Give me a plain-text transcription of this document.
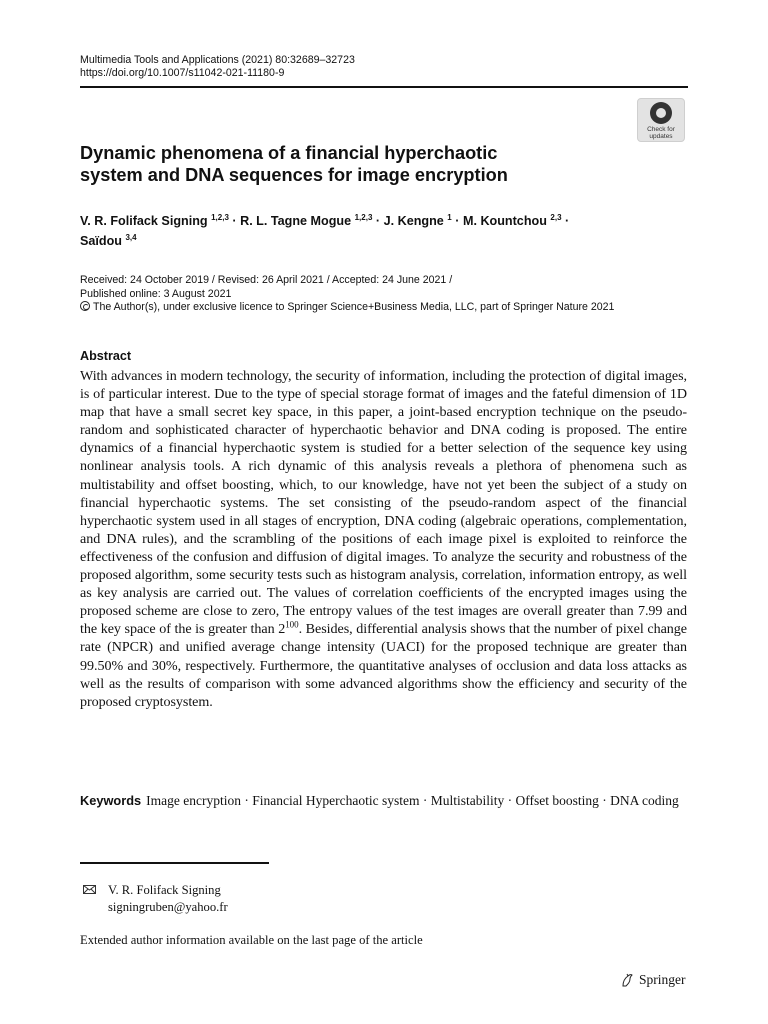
Multimedia Tools and Applications (2021) 80:32689–32723
https://doi.org/10.1007/s11042-021-11180-9
Check for
updates
Dynamic phenomena of a financial hyperchaotic
system and DNA sequences for image encryption
V. R. Folifack Signing $^{1,2,3}$ · R. L. Tagne Mogue $^{1,2,3}$ · J. Kengne $^1$ · M. Kountchou $^{2,3}$ ·
Saïdou $^{3,4}$
Received: 24 October 2019 / Revised: 26 April 2021 / Accepted: 24 June 2021 /
Published online: 3 August 2021
The Author(s), under exclusive licence to Springer Science+Business Media, LLC, part of Springer Nature 2021
Abstract
With advances in modern technology, the security of information, including the protection of digital images, is of particular interest. Due to the type of special storage format of images and the fateful dimension of 1D map that have a small secret key space, in this paper, a joint-based encryption technique on the pseudo-random and sophisticated character of hyperchaotic behavior and DNA coding is proposed. The entire dynamics of a financial hyperchaotic system is studied for a better selection of the sequence key using nonlinear analysis tools. A rich dynamic of this analysis reveals a plethora of phenomena such as multistability and offset boosting, which, to our knowledge, have not yet been the subject of a study on financial hyperchaotic systems. The set consisting of the pseudo-random aspect of the financial hyperchaotic system used in all stages of encryption, DNA coding (algebraic operations, complementation, and DNA rules), and the scrambling of the positions of each image pixel is exploited to reinforce the effectiveness of the confusion and diffusion of digital images. To analyze the security and robustness of the proposed algorithm, some security tests such as histogram analysis, correlation, information entropy, as well as key analysis are carried out. The values of correlation coefficients of the encrypted images using the proposed scheme are close to zero, The entropy values of the test images are overall greater than 7.99 and the key space of the is greater than $2^{100}$. Besides, differential analysis shows that the number of pixel change rate (NPCR) and unified average change intensity (UACI) for the proposed technique are greater than 99.50% and 30%, respectively. Furthermore, the quantitative analyses of occlusion and data loss attacks as well as the results of comparison with some advanced algorithms show the efficiency and security of the proposed cryptosystem.
Keywords Image encryption · Financial Hyperchaotic system · Multistability · Offset boosting · DNA coding
V. R. Folifack Signing
signingruben@yahoo.fr
Extended author information available on the last page of the article
Springer
